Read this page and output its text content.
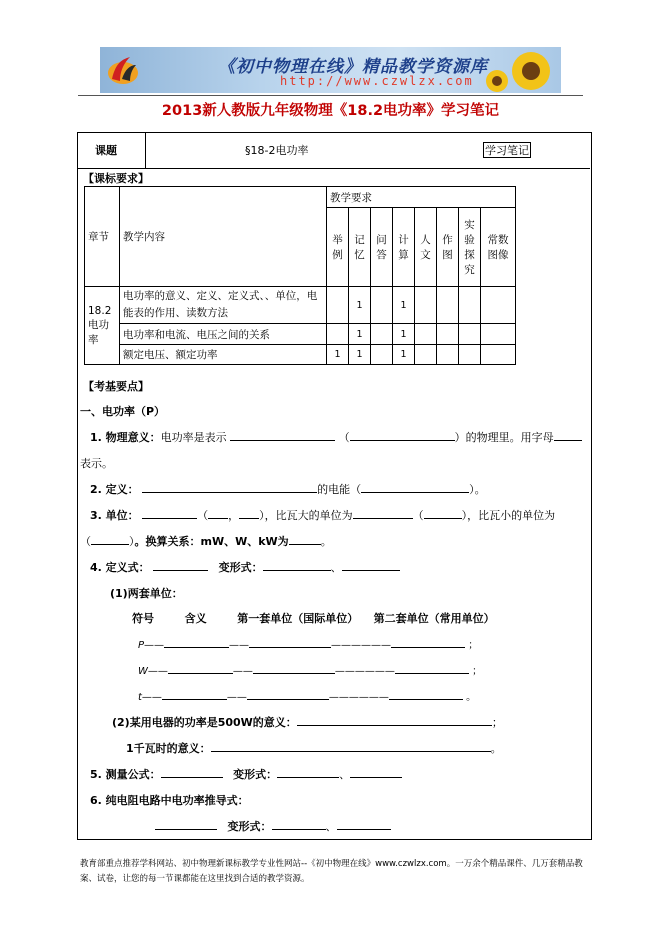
《初中物理在线》精品教学资源库
http://www.czwlzx.com
2013新人教版九年级物理《18.2电功率》学习笔记
课题	§18-2电功率	学习笔记
【课标要求】
章节	教学内容	教学要求							
		举例	记忆	问答	计算	人文	作图	实验探究	常数图像
18.2电功率	电功率的意义、定义、定义式、、单位，电能表的作用、读数方法		1		1				
	电功率和电流、电压之间的关系		1		1				
	额定电压、额定功率	1	1		1				
【考基要点】
一、电功率（P）
1. 物理意义：电功率是表示	（	）的物理里。用字母
表示。
2. 定义：	的电能（	）。
3. 单位：	（ ， ），比瓦大的单位为	（	），比瓦小的单位为
（	）。换算关系：mW、W、kW为	。
4. 定义式：	变形式：	、
(1)两套单位：
符号	含义	第一套单位（国际单位） 第二套单位（常用单位）
P——	——	——————	；
W——	——	——————	；
t——	——	——————	。
(2)某用电器的功率是500W的意义：	；
1千瓦时的意义：	。
5. 测量公式：	变形式：	、
6. 纯电阻电路中电功率推导式：
变形式：	、
教育部重点推荐学科网站、初中物理新课标教学专业性网站--《初中物理在线》www.czwlzx.com。一万余个精品课件、几万套精品教案、试卷，让您的每一节课都能在这里找到合适的教学资源。
